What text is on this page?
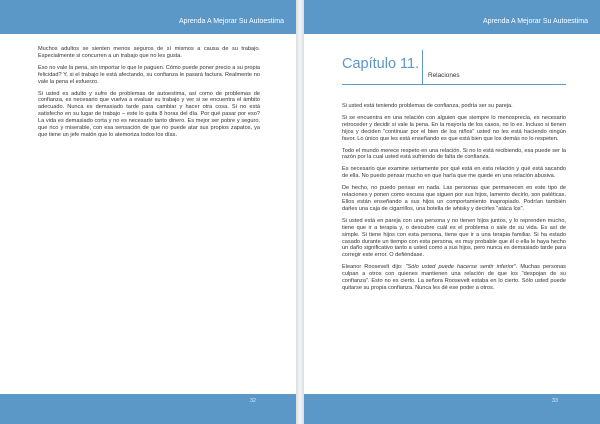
Aprenda A Mejorar Su Autoestima

Muchos adultos se sienten menos seguros de sí mismos a causa de su trabajo. Especialmente si concurren a un trabajo que no les gusta.

Eso no vale la pena, sin importar lo que le paguen. Cómo puede poner precio a su propia felicidad? Y, si el trabajo le está afectando, su confianza le pasará factura. Realmente no vale la pena el esfuerzo.

Si usted es adulto y sufre de problemas de autoestima, así como de problemas de confianza, es necesario que vuelva a evaluar su trabajo y ver si se encuentra el ámbito adecuado. Nunca es demasiado tarde para cambiar y hacer otra cosa. Si no está satisfecho en su lugar de trabajo – este lo quita 8 horas del día. Por qué pasar por eso? La vida es demasiado corta y no es necesario tanto dinero. Es mejor ser pobre y seguro, que rico y miserable, con esa sensación de que no puede atar sus propios zapatos, ya que tiene un jefe matón que lo atemoriza todos los días.

32
Aprenda A Mejorar Su Autoestima
Capítulo 11.
Relaciones

Si usted está teniendo problemas de confianza, podría ser su pareja.

Si se encuentra en una relación con alguien que siempre lo menosprecia, es necesario retroceder y decidir si vale la pena. En la mayoría de los casos, no lo es. Incluso si tienen hijos y deciden "continuar por el bien de los niños" usted no les está haciendo ningún favor. Lo único que les está enseñando es que está bien que los demás no lo respeten.

Todo el mundo merece respeto en una relación. Si no lo está recibiendo, esa puede ser la razón por la cual usted está sufriendo de falta de confianza.

Es necesario que examine seriamente por qué está en esta relación y qué está sacando de ella. No puedo pensar mucho en que haría que me quede en una relación abusiva.

De hecho, no puedo pensar en nada. Las personas que permanecen en este tipo de relaciones y ponen como excusa que siguen por sus hijos, lamento decirlo, son patéticas. Ellos están enseñando a sus hijos un comportamiento inapropiado. Podrían también darles una caja de cigarrillos, una botella de whisky y decirles "atáca los".

Si usted está en pareja con una persona y no tienen hijos juntos, y lo reprenden mucho, tiene que ir a terapia y, o descubre cuál es el problema o sale de su vida. Es así de simple. Si tiene hijos con esta persona, tiene que ir a una terapia familiar. Si ha estado casado durante un tiempo con esta persona, es muy probable que él o ella le haya hecho un daño significativo tanto a usted como a sus hijos, pero nunca es demasiado tarde para corregir este error. O defiéndase.

Eleanor Roosevelt dijo: "Sólo usted puede hacerse sentir inferior". Muchas personas culpan a otros con quienes mantienen una relación de que los "despojan de su confianza". Esto no es cierto. La señora Roosevelt estaba en lo cierto. Sólo usted puede quitarse su propia confianza. Nunca les dé ese poder a otros.

33
